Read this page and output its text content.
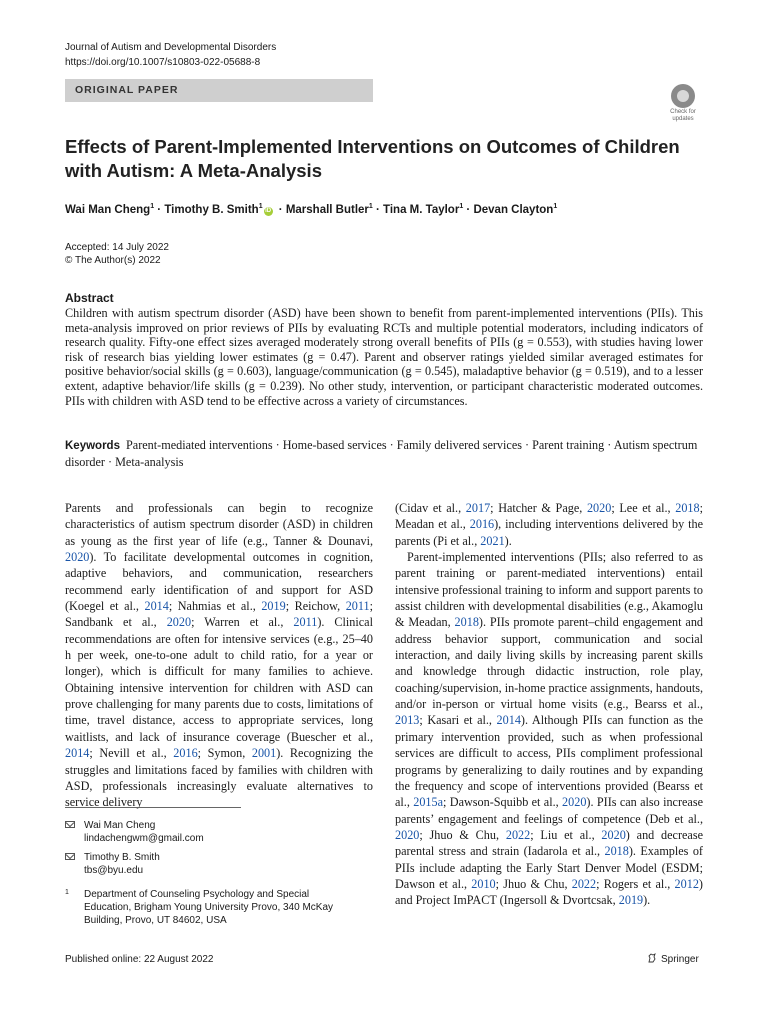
Journal of Autism and Developmental Disorders
https://doi.org/10.1007/s10803-022-05688-8
ORIGINAL PAPER
Check for
updates
Effects of Parent-Implemented Interventions on Outcomes of Children with Autism: A Meta-Analysis
Wai Man Cheng$^1$ · Timothy B. Smith$^1$iD · Marshall Butler$^1$ · Tina M. Taylor$^1$ · Devan Clayton$^1$
Accepted: 14 July 2022
© The Author(s) 2022
Abstract

Children with autism spectrum disorder (ASD) have been shown to benefit from parent-implemented interventions (PIIs). This meta-analysis improved on prior reviews of PIIs by evaluating RCTs and multiple potential moderators, including indicators of research quality. Fifty-one effect sizes averaged moderately strong overall benefits of PIIs (g = 0.553), with studies having lower risk of research bias yielding lower estimates (g = 0.47). Parent and observer ratings yielded similar averaged estimates for positive behavior/social skills (g = 0.603), language/communication (g = 0.545), maladaptive behavior (g = 0.519), and to a lesser extent, adaptive behavior/life skills (g = 0.239). No other study, intervention, or participant characteristic moderated outcomes. PIIs with children with ASD tend to be effective across a variety of circumstances.

Keywords Parent-mediated interventions · Home-based services · Family delivered services · Parent training · Autism spectrum disorder · Meta-analysis

Parents and professionals can begin to recognize characteristics of autism spectrum disorder (ASD) in children as young as the first year of life (e.g., Tanner & Dounavi, 2020). To facilitate developmental outcomes in cognition, adaptive behaviors, and communication, researchers recommend early identification of and support for ASD (Koegel et al., 2014; Nahmias et al., 2019; Reichow, 2011; Sandbank et al., 2020; Warren et al., 2011). Clinical recommendations are often for intensive services (e.g., 25–40 h per week, one-to-one adult to child ratio, for a year or longer), which is difficult for many families to achieve. Obtaining intensive intervention for children with ASD can prove challenging for many parents due to costs, limitations of time, travel distance, access to appropriate services, long waitlists, and lack of insurance coverage (Buescher et al., 2014; Nevill et al., 2016; Symon, 2001). Recognizing the struggles and limitations faced by families with children with ASD, professionals increasingly evaluate alternatives to service delivery

(Cidav et al., 2017; Hatcher & Page, 2020; Lee et al., 2018; Meadan et al., 2016), including interventions delivered by the parents (Pi et al., 2021).

Parent-implemented interventions (PIIs; also referred to as parent training or parent-mediated interventions) entail intensive professional training to inform and support parents to assist children with developmental disabilities (e.g., Akamoglu & Meadan, 2018). PIIs promote parent–child engagement and address behavior support, communication and social interaction, and daily living skills by increasing parent skills and knowledge through didactic instruction, role play, coaching/supervision, in-home practice assignments, handouts, and/or in-person or virtual home visits (e.g., Bearss et al., 2013; Kasari et al., 2014). Although PIIs can function as the primary intervention provided, such as when professional services are difficult to access, PIIs compliment professional programs by generalizing to daily routines and by expanding the frequency and scope of interventions provided (Bearss et al., 2015a; Dawson-Squibb et al., 2020). PIIs can also increase parents’ engagement and feelings of competence (Deb et al., 2020; Jhuo & Chu, 2022; Liu et al., 2020) and decrease parental stress and strain (Iadarola et al., 2018). Examples of PIIs include adapting the Early Start Denver Model (ESDM; Dawson et al., 2010; Jhuo & Chu, 2022; Rogers et al., 2012) and Project ImPACT (Ingersoll & Dvortcsak, 2019).

Wai Man Cheng
lindachengwm@gmail.com
Timothy B. Smith
tbs@byu.edu
1 Department of Counseling Psychology and Special
Education, Brigham Young University Provo, 340 McKay
Building, Provo, UT 84602, USA
Published online: 22 August 2022	Springer
